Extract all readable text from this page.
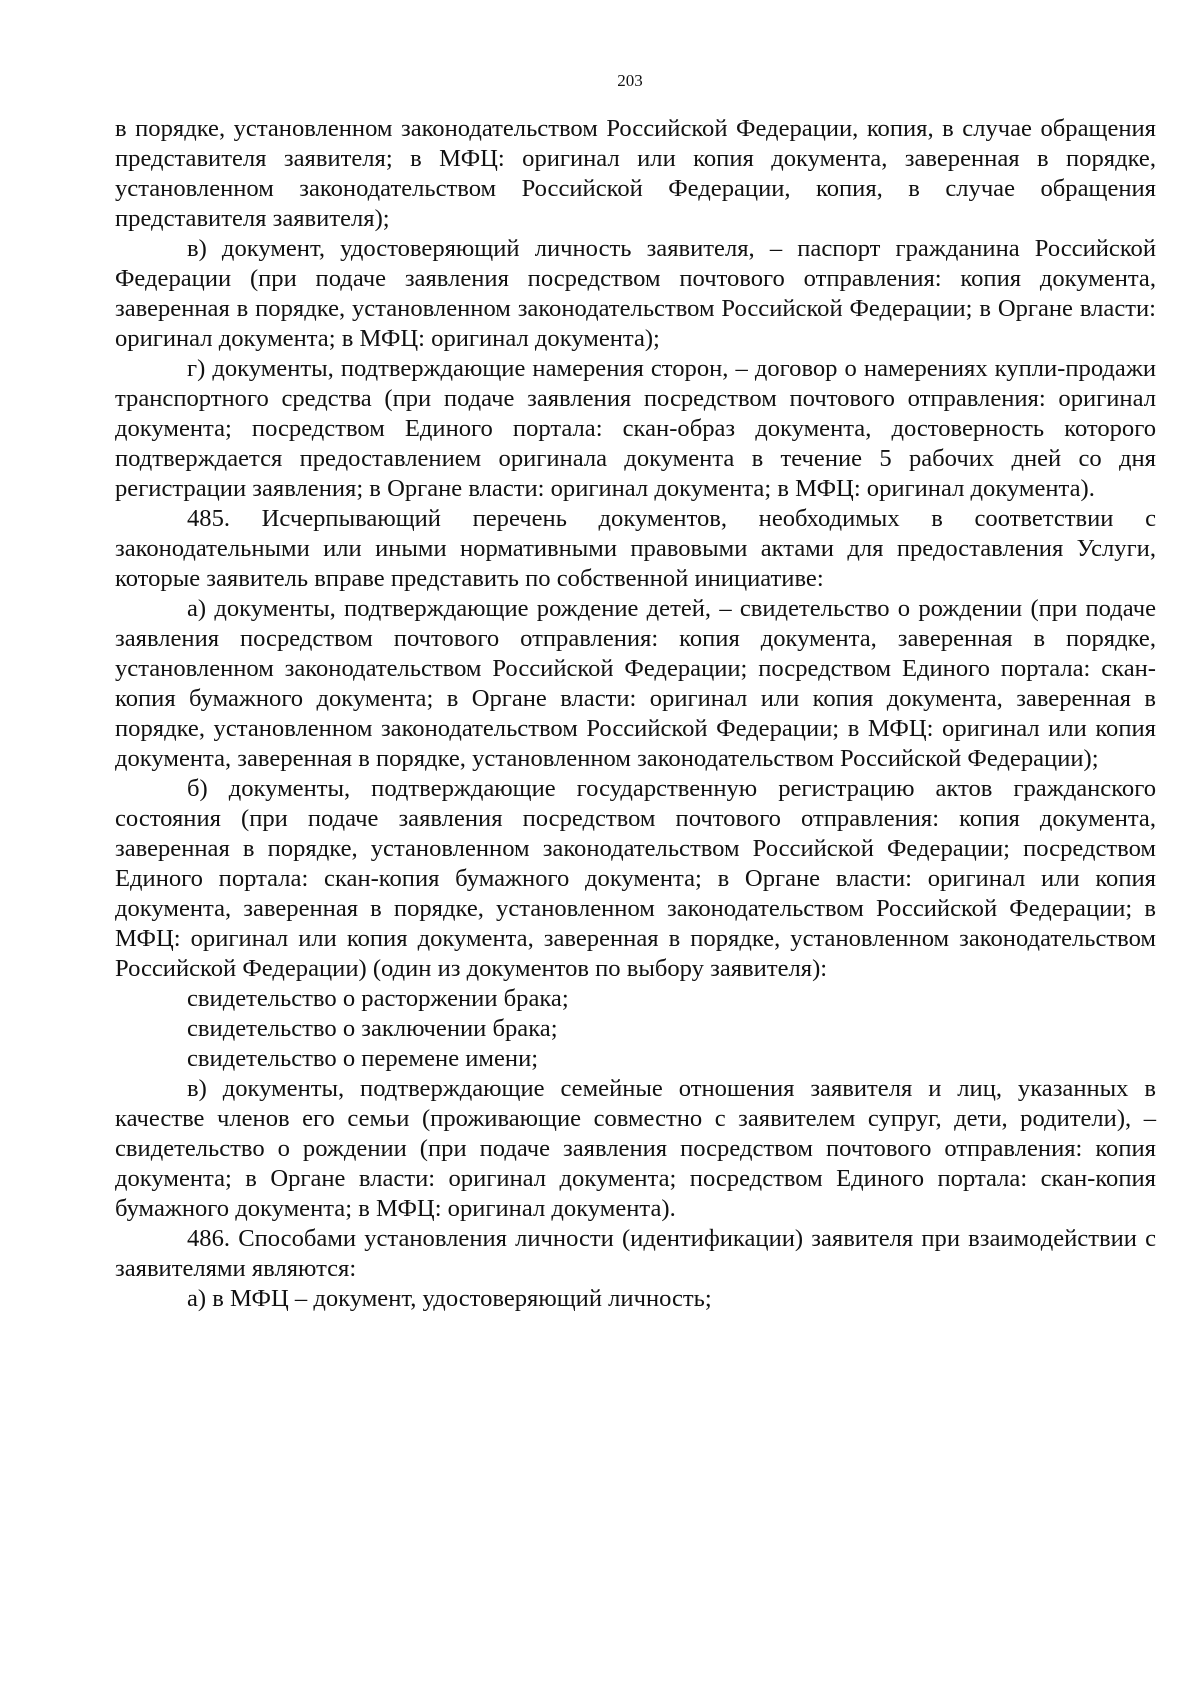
203

в порядке, установленном законодательством Российской Федерации, копия, в случае обращения представителя заявителя; в МФЦ: оригинал или копия документа, заверенная в порядке, установленном законодательством Российской Федерации, копия, в случае обращения представителя заявителя);

в) документ, удостоверяющий личность заявителя, – паспорт гражданина Российской Федерации (при подаче заявления посредством почтового отправления: копия документа, заверенная в порядке, установленном законодательством Российской Федерации; в Органе власти: оригинал документа; в МФЦ: оригинал документа);

г) документы, подтверждающие намерения сторон, – договор о намерениях купли-продажи транспортного средства (при подаче заявления посредством почтового отправления: оригинал документа; посредством Единого портала: скан-образ документа, достоверность которого подтверждается предоставлением оригинала документа в течение 5 рабочих дней со дня регистрации заявления; в Органе власти: оригинал документа; в МФЦ: оригинал документа).

485. Исчерпывающий перечень документов, необходимых в соответствии с законодательными или иными нормативными правовыми актами для предоставления Услуги, которые заявитель вправе представить по собственной инициативе:

а) документы, подтверждающие рождение детей, – свидетельство о рождении (при подаче заявления посредством почтового отправления: копия документа, заверенная в порядке, установленном законодательством Российской Федерации; посредством Единого портала: скан-копия бумажного документа; в Органе власти: оригинал или копия документа, заверенная в порядке, установленном законодательством Российской Федерации; в МФЦ: оригинал или копия документа, заверенная в порядке, установленном законодательством Российской Федерации);

б) документы, подтверждающие государственную регистрацию актов гражданского состояния (при подаче заявления посредством почтового отправления: копия документа, заверенная в порядке, установленном законодательством Российской Федерации; посредством Единого портала: скан-копия бумажного документа; в Органе власти: оригинал или копия документа, заверенная в порядке, установленном законодательством Российской Федерации; в МФЦ: оригинал или копия документа, заверенная в порядке, установленном законодательством Российской Федерации) (один из документов по выбору заявителя):

свидетельство о расторжении брака;

свидетельство о заключении брака;

свидетельство о перемене имени;

в) документы, подтверждающие семейные отношения заявителя и лиц, указанных в качестве членов его семьи (проживающие совместно с заявителем супруг, дети, родители), – свидетельство о рождении (при подаче заявления посредством почтового отправления: копия документа; в Органе власти: оригинал документа; посредством Единого портала: скан-копия бумажного документа; в МФЦ: оригинал документа).

486. Способами установления личности (идентификации) заявителя при взаимодействии с заявителями являются:

а) в МФЦ – документ, удостоверяющий личность;
